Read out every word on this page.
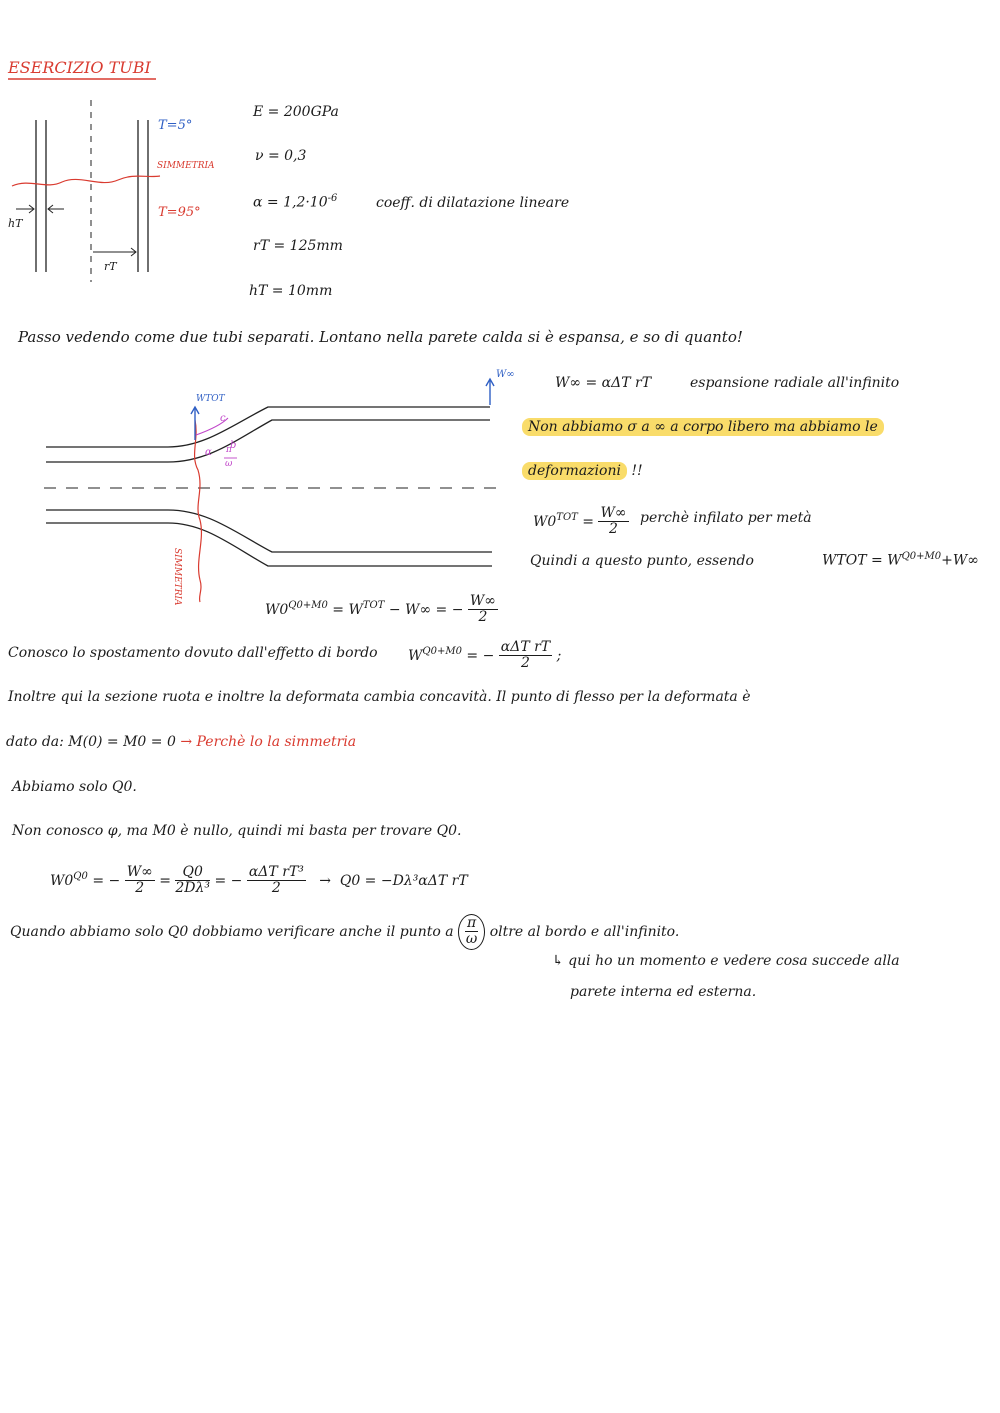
ESERCIZIO TUBI
T=5°
SIMMETRIA
T=95°
hT
rT
E = 200GPa
ν = 0,3
$\alpha = 1,2\cdot 10^{-6}$	coeff. di dilatazione lineare
rT = 125mm
hT = 10mm
Passo vedendo come due tubi separati. Lontano nella parete calda si è espansa, e so di quanto!
WTOT
W∞
c
b
α π
ω
SIMMETRIA
W∞ = αΔT rT	espansione radiale all'infinito
Non abbiamo σ a ∞ a corpo libero ma abbiamo le
deformazioni !!
$W0^{TOT} = \frac{W\infty}{2}$ perchè infilato per metà
Quindi a questo punto, essendo	WTOT = $W^{Q0+M0}+W\infty$
$W0^{Q0+M0} = W^{TOT} - W\infty$ = − $\frac{W\infty}{2}$
Conosco lo spostamento dovuto dall'effetto di bordo $W^{Q0+M0}$ = − $\frac{\text{αΔT rT}}{2}$ ;
Inoltre qui la sezione ruota e inoltre la deformata cambia concavità. Il punto di flesso per la deformata è
dato da: M(0) = M0 = 0 → Perchè lo la simmetria
Abbiamo solo Q0.
Non conosco φ, ma M0 è nullo, quindi mi basta per trovare Q0.
$W0^{Q0}$ = − $\frac{W\infty}{2} = \frac{Q0}{\text{2Dλ³}}$ = − $\frac{\text{αΔT rT³}}{2} \to Q0 = -D\lambda^3\alpha\Delta T$ rT
Quando abbiamo solo Q0 dobbiamo verificare anche il punto a $\frac{\pi}{\omega}$ oltre al bordo e all'infinito.
↳ qui ho un momento e vedere cosa succede alla
parete interna ed esterna.
